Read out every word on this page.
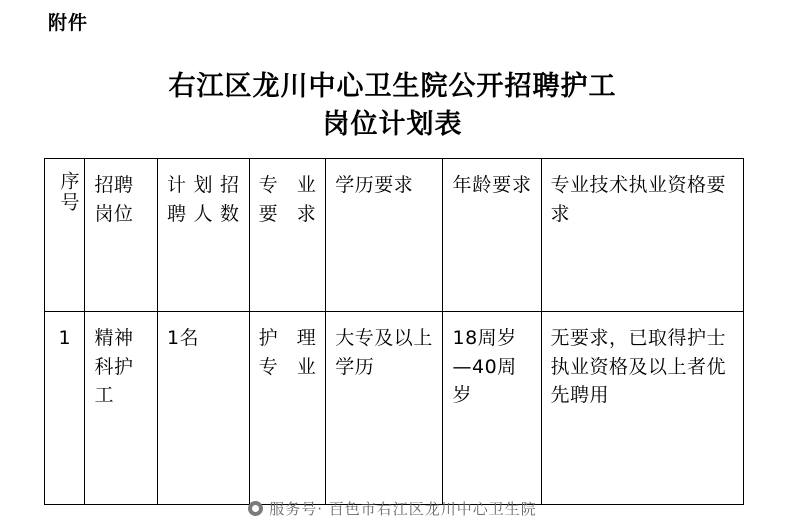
附件
右江区龙川中心卫生院公开招聘护工
岗位计划表
序号	招聘岗位	计划招聘人数	专业要求	学历要求	年龄要求	专业技术执业资格要求
1	精神科护工	1名	护理专业	大专及以上学历	18周岁—40周岁	无要求，已取得护士执业资格及以上者优先聘用
服务号· 百色市右江区龙川中心卫生院
